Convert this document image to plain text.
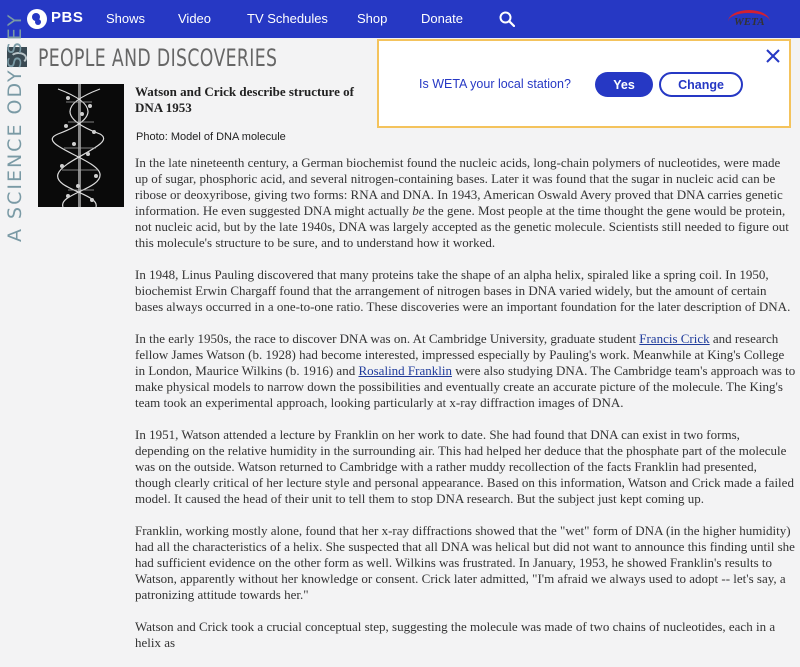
PBS Shows	Video	TV Schedules Shop	Donate	WETA
A SCIENCE ODYSSEY PEOPLE AND DISCOVERIES
Watson and Crick describe structure of DNA 1953
Photo: Model of DNA molecule

In the late nineteenth century, a German biochemist found the nucleic acids, long-chain polymers of nucleotides, were made up of sugar, phosphoric acid, and several nitrogen-containing bases. Later it was found that the sugar in nucleic acid can be ribose or deoxyribose, giving two forms: RNA and DNA. In 1943, American Oswald Avery proved that DNA carries genetic information. He even suggested DNA might actually be the gene. Most people at the time thought the gene would be protein, not nucleic acid, but by the late 1940s, DNA was largely accepted as the genetic molecule. Scientists still needed to figure out this molecule's structure to be sure, and to understand how it worked.

In 1948, Linus Pauling discovered that many proteins take the shape of an alpha helix, spiraled like a spring coil. In 1950, biochemist Erwin Chargaff found that the arrangement of nitrogen bases in DNA varied widely, but the amount of certain bases always occurred in a one-to-one ratio. These discoveries were an important foundation for the later description of DNA.

In the early 1950s, the race to discover DNA was on. At Cambridge University, graduate student Francis Crick and research fellow James Watson (b. 1928) had become interested, impressed especially by Pauling's work. Meanwhile at King's College in London, Maurice Wilkins (b. 1916) and Rosalind Franklin were also studying DNA. The Cambridge team's approach was to make physical models to narrow down the possibilities and eventually create an accurate picture of the molecule. The King's team took an experimental approach, looking particularly at x-ray diffraction images of DNA.

In 1951, Watson attended a lecture by Franklin on her work to date. She had found that DNA can exist in two forms, depending on the relative humidity in the surrounding air. This had helped her deduce that the phosphate part of the molecule was on the outside. Watson returned to Cambridge with a rather muddy recollection of the facts Franklin had presented, though clearly critical of her lecture style and personal appearance. Based on this information, Watson and Crick made a failed model. It caused the head of their unit to tell them to stop DNA research. But the subject just kept coming up.

Franklin, working mostly alone, found that her x-ray diffractions showed that the "wet" form of DNA (in the higher humidity) had all the characteristics of a helix. She suspected that all DNA was helical but did not want to announce this finding until she had sufficient evidence on the other form as well. Wilkins was frustrated. In January, 1953, he showed Franklin's results to Watson, apparently without her knowledge or consent. Crick later admitted, "I'm afraid we always used to adopt -- let's say, a patronizing attitude towards her."

Watson and Crick took a crucial conceptual step, suggesting the molecule was made of two chains of nucleotides, each in a helix as

Is WETA your local station?	Yes	Change
